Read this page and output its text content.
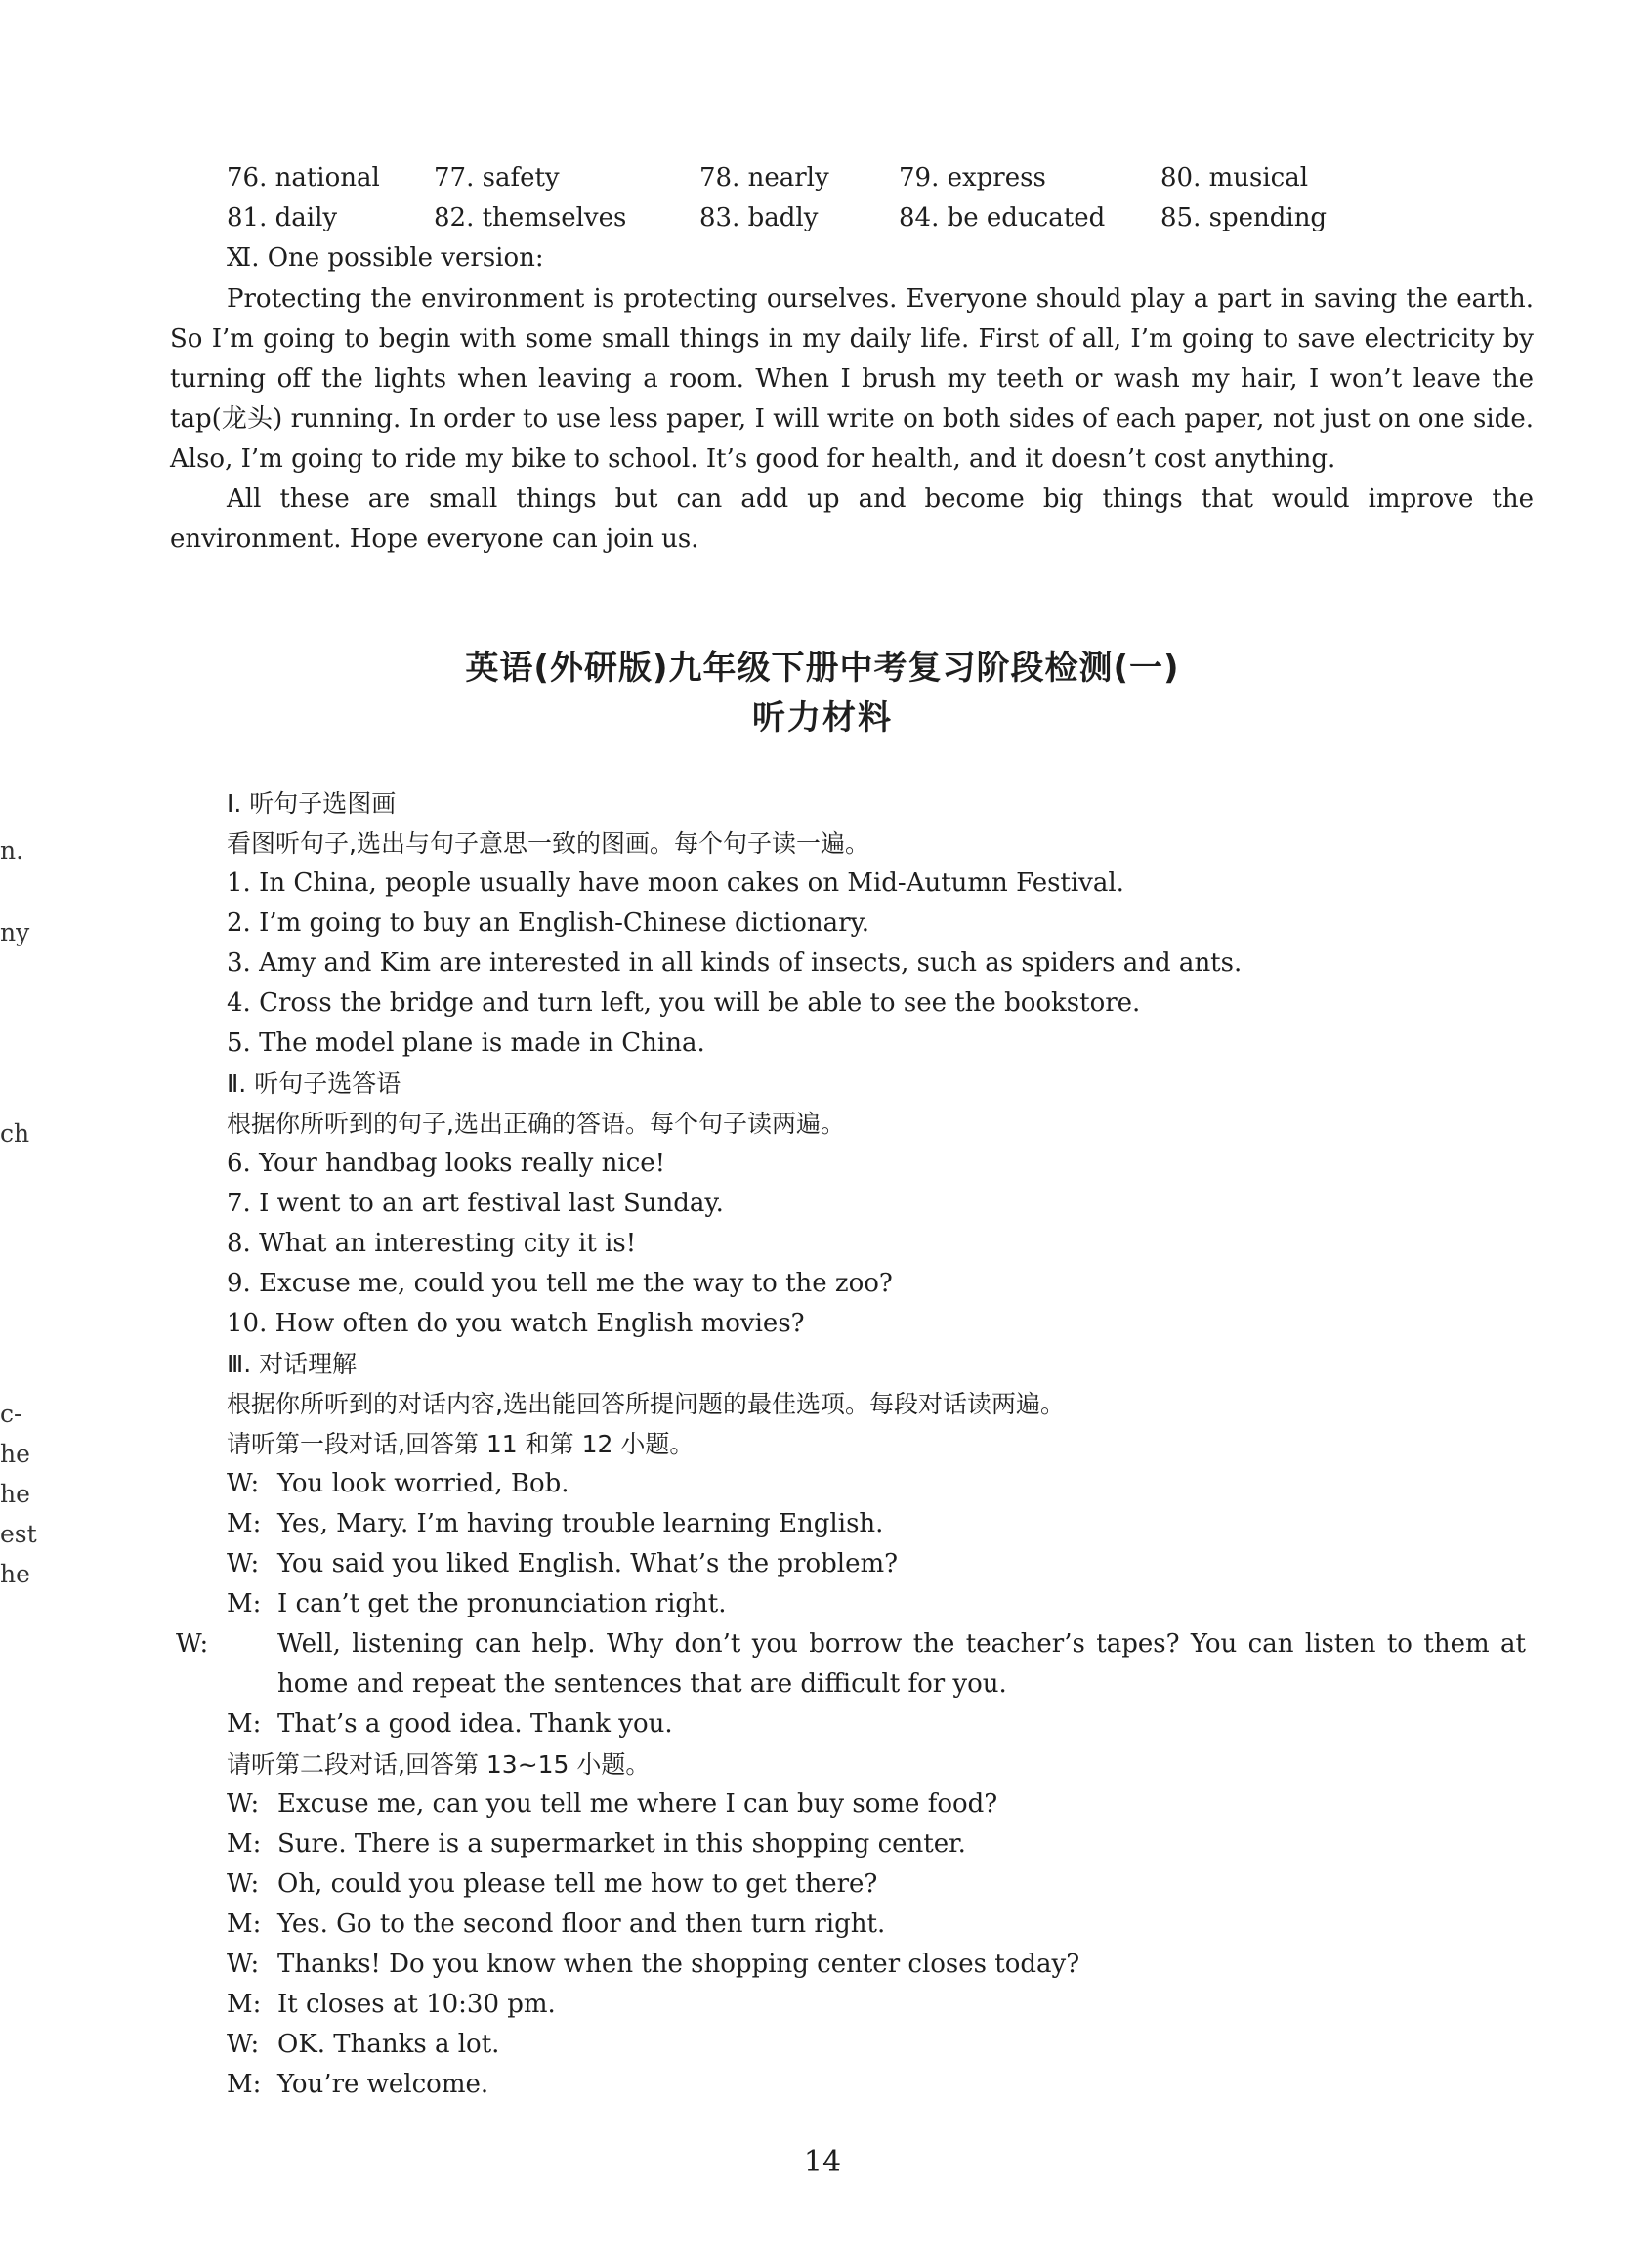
76. national 77. safety	78. nearly	79. express	80. musical
81. daily	82. themselves	83. badly	84. be educated 85. spending
Ⅺ. One possible version:

Protecting the environment is protecting ourselves. Everyone should play a part in saving the earth. So I’m going to begin with some small things in my daily life. First of all, I’m going to save electricity by turning off the lights when leaving a room. When I brush my teeth or wash my hair, I won’t leave the tap(龙头) running. In order to use less paper, I will write on both sides of each paper, not just on one side. Also, I’m going to ride my bike to school. It’s good for health, and it doesn’t cost anything.

All these are small things but can add up and become big things that would improve the environment. Hope everyone can join us.

英语(外研版)九年级下册中考复习阶段检测(一)
听力材料
Ⅰ. 听句子选图画
看图听句子,选出与句子意思一致的图画。每个句子读一遍。
1. In China, people usually have moon cakes on Mid-Autumn Festival.
2. I’m going to buy an English-Chinese dictionary.
3. Amy and Kim are interested in all kinds of insects, such as spiders and ants.
4. Cross the bridge and turn left, you will be able to see the bookstore.
5. The model plane is made in China.
Ⅱ. 听句子选答语
根据你所听到的句子,选出正确的答语。每个句子读两遍。
6. Your handbag looks really nice!
7. I went to an art festival last Sunday.
8. What an interesting city it is!
9. Excuse me, could you tell me the way to the zoo?
10. How often do you watch English movies?
Ⅲ. 对话理解
根据你所听到的对话内容,选出能回答所提问题的最佳选项。每段对话读两遍。
请听第一段对话,回答第 11 和第 12 小题。
W: You look worried, Bob.
M: Yes, Mary. I’m having trouble learning English.
W: You said you liked English. What’s the problem?
M: I can’t get the pronunciation right.
W:	Well, listening can help. Why don’t you borrow the teacher’s tapes? You can listen to them at home and repeat the sentences that are difficult for you.
M: That’s a good idea. Thank you.
请听第二段对话,回答第 13~15 小题。
W: Excuse me, can you tell me where I can buy some food?
M: Sure. There is a supermarket in this shopping center.
W: Oh, could you please tell me how to get there?
M: Yes. Go to the second floor and then turn right.
W: Thanks! Do you know when the shopping center closes today?
M: It closes at 10:30 pm.
W: OK. Thanks a lot.
M: You’re welcome.
n.
ny
ch
c-
he
he
est
he
14
